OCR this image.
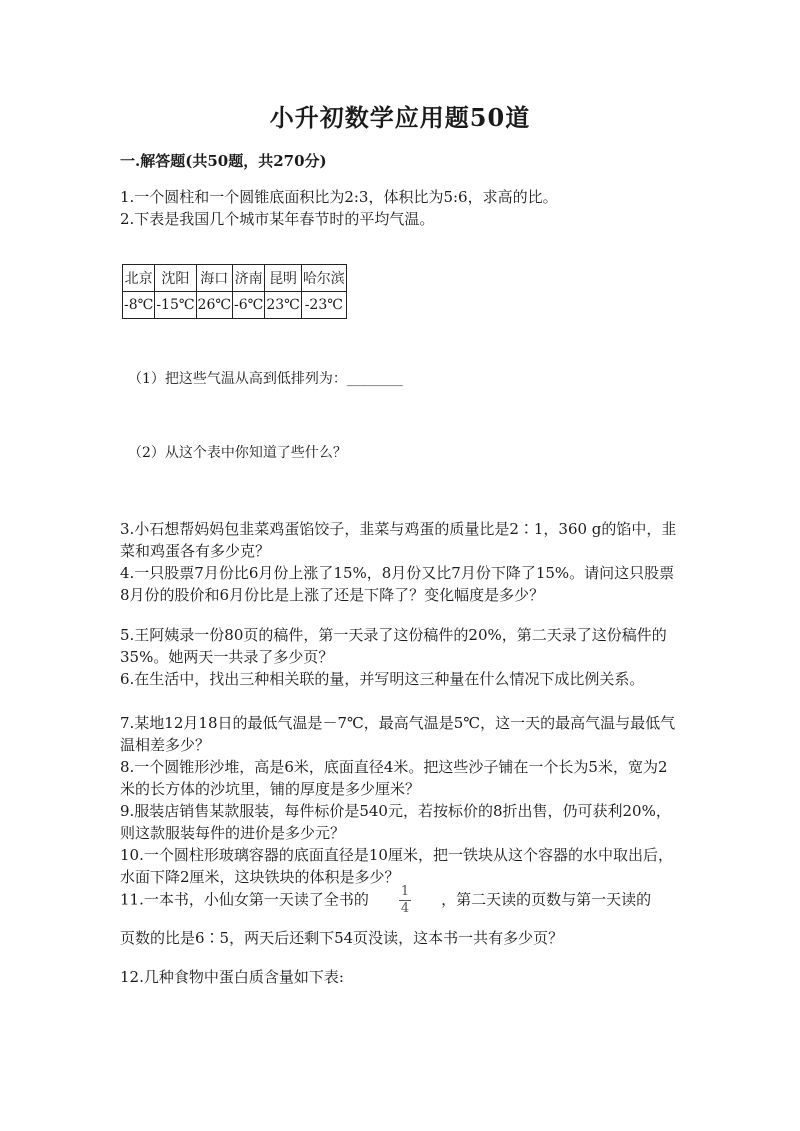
小升初数学应用题50道
一.解答题(共50题，共270分)

1.一个圆柱和一个圆锥底面积比为2:3，体积比为5:6，求高的比。

2.下表是我国几个城市某年春节时的平均气温。

北京	沈阳	海口	济南	昆明	哈尔滨
-8℃	-15℃	26℃	-6℃	23℃	-23℃
（1）把这些气温从高到低排列为：________
（2）从这个表中你知道了些什么？

3.小石想帮妈妈包韭菜鸡蛋馅饺子，韭菜与鸡蛋的质量比是2∶1，360 g的馅中，韭菜和鸡蛋各有多少克？

4.一只股票7月份比6月份上涨了15%，8月份又比7月份下降了15%。请问这只股票8月份的股价和6月份比是上涨了还是下降了？变化幅度是多少？

5.王阿姨录一份80页的稿件，第一天录了这份稿件的20%，第二天录了这份稿件的35%。她两天一共录了多少页？

6.在生活中，找出三种相关联的量，并写明这三种量在什么情况下成比例关系。

7.某地12月18日的最低气温是－7℃，最高气温是5℃，这一天的最高气温与最低气温相差多少？

8.一个圆锥形沙堆，高是6米，底面直径4米。把这些沙子铺在一个长为5米，宽为2米的长方体的沙坑里，铺的厚度是多少厘米？

9.服装店销售某款服装，每件标价是540元，若按标价的8折出售，仍可获利20%，则这款服装每件的进价是多少元？

10.一个圆柱形玻璃容器的底面直径是10厘米，把一铁块从这个容器的水中取出后，水面下降2厘米，这块铁块的体积是多少？

11.一本书，小仙女第一天读了全书的 $\frac{1}{4}$ ，第二天读的页数与第一天读的

页数的比是6∶5，两天后还剩下54页没读，这本书一共有多少页？

12.几种食物中蛋白质含量如下表:
